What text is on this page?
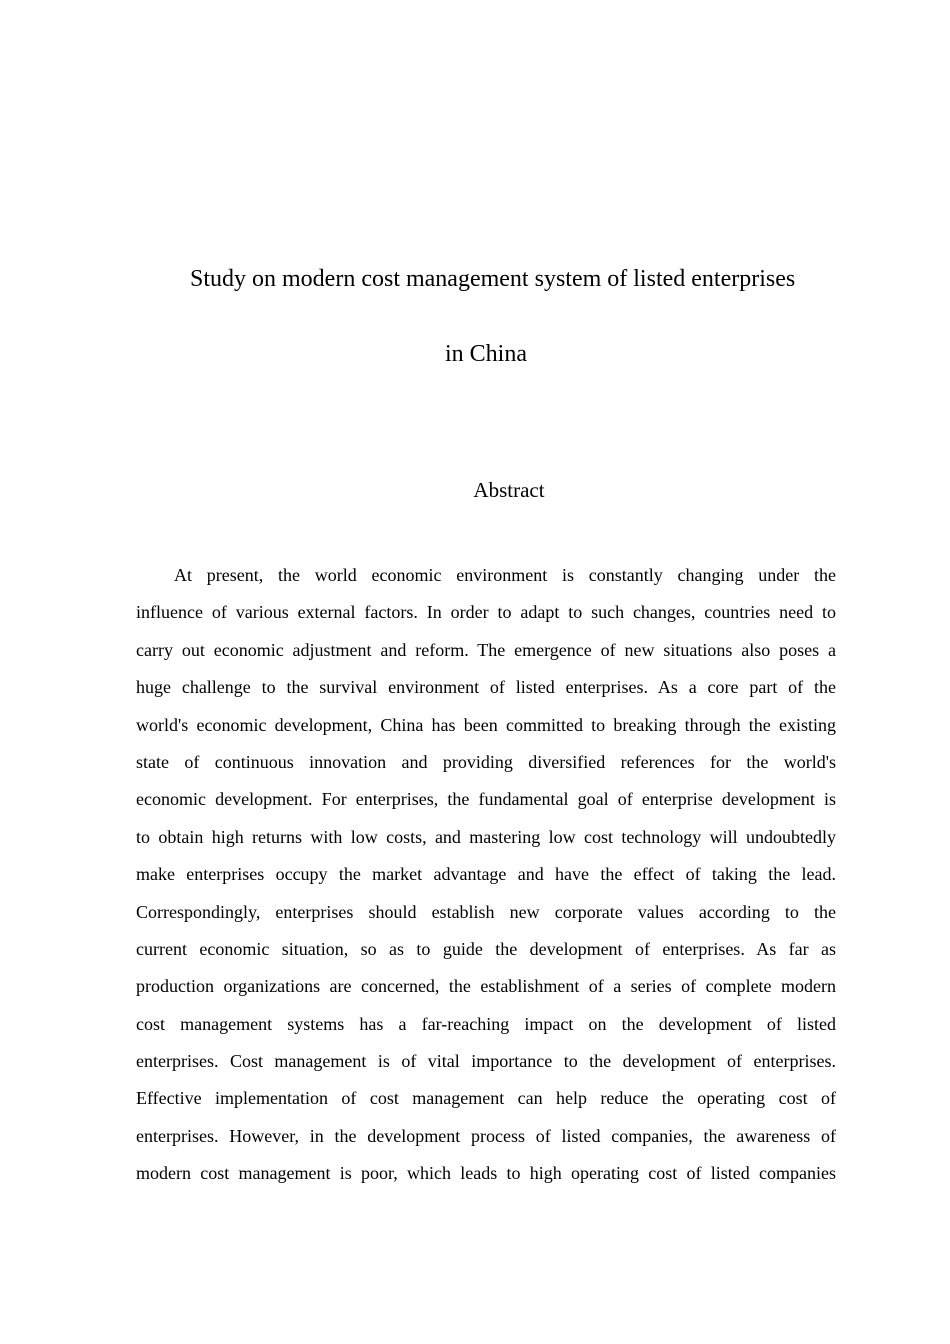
Study on modern cost management system of listed enterprises
in China
Abstract
At present, the world economic environment is constantly changing under the
influence of various external factors. In order to adapt to such changes, countries need to
carry out economic adjustment and reform. The emergence of new situations also poses a
huge challenge to the survival environment of listed enterprises. As a core part of the
world's economic development, China has been committed to breaking through the existing
state of continuous innovation and providing diversified references for the world's
economic development. For enterprises, the fundamental goal of enterprise development is
to obtain high returns with low costs, and mastering low cost technology will undoubtedly
make enterprises occupy the market advantage and have the effect of taking the lead.
Correspondingly, enterprises should establish new corporate values according to the
current economic situation, so as to guide the development of enterprises. As far as
production organizations are concerned, the establishment of a series of complete modern
cost management systems has a far-reaching impact on the development of listed
enterprises. Cost management is of vital importance to the development of enterprises.
Effective implementation of cost management can help reduce the operating cost of
enterprises. However, in the development process of listed companies, the awareness of
modern cost management is poor, which leads to high operating cost of listed companies
